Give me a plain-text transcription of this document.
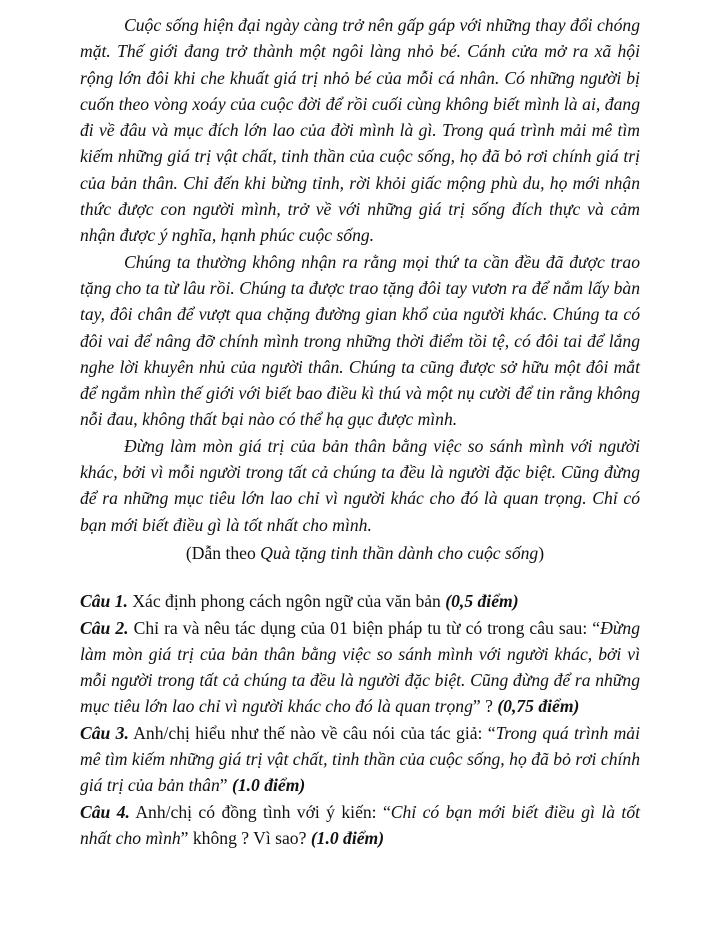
Cuộc sống hiện đại ngày càng trở nên gấp gáp với những thay đổi chóng mặt. Thế giới đang trở thành một ngôi làng nhỏ bé. Cánh cửa mở ra xã hội rộng lớn đôi khi che khuất giá trị nhỏ bé của mỗi cá nhân. Có những người bị cuốn theo vòng xoáy của cuộc đời để rồi cuối cùng không biết mình là ai, đang đi về đâu và mục đích lớn lao của đời mình là gì. Trong quá trình mải mê tìm kiếm những giá trị vật chất, tinh thần của cuộc sống, họ đã bỏ rơi chính giá trị của bản thân. Chỉ đến khi bừng tỉnh, rời khỏi giấc mộng phù du, họ mới nhận thức được con người mình, trở về với những giá trị sống đích thực và cảm nhận được ý nghĩa, hạnh phúc cuộc sống.

Chúng ta thường không nhận ra rằng mọi thứ ta cần đều đã được trao tặng cho ta từ lâu rồi. Chúng ta được trao tặng đôi tay vươn ra để nắm lấy bàn tay, đôi chân để vượt qua chặng đường gian khổ của người khác. Chúng ta có đôi vai để nâng đỡ chính mình trong những thời điểm tồi tệ, có đôi tai để lắng nghe lời khuyên nhủ của người thân. Chúng ta cũng được sở hữu một đôi mắt để ngắm nhìn thế giới với biết bao điều kì thú và một nụ cười để tin rằng không nỗi đau, không thất bại nào có thể hạ gục được mình.

Đừng làm mòn giá trị của bản thân bằng việc so sánh mình với người khác, bởi vì mỗi người trong tất cả chúng ta đều là người đặc biệt. Cũng đừng để ra những mục tiêu lớn lao chỉ vì người khác cho đó là quan trọng. Chỉ có bạn mới biết điều gì là tốt nhất cho mình.

(Dẫn theo Quà tặng tinh thần dành cho cuộc sống)

Câu 1. Xác định phong cách ngôn ngữ của văn bản (0,5 điểm)

Câu 2. Chỉ ra và nêu tác dụng của 01 biện pháp tu từ có trong câu sau: “Đừng làm mòn giá trị của bản thân bằng việc so sánh mình với người khác, bởi vì mỗi người trong tất cả chúng ta đều là người đặc biệt. Cũng đừng để ra những mục tiêu lớn lao chỉ vì người khác cho đó là quan trọng” ? (0,75 điểm)

Câu 3. Anh/chị hiểu như thế nào về câu nói của tác giả: “Trong quá trình mải mê tìm kiếm những giá trị vật chất, tinh thần của cuộc sống, họ đã bỏ rơi chính giá trị của bản thân” (1.0 điểm)

Câu 4. Anh/chị có đồng tình với ý kiến: “Chỉ có bạn mới biết điều gì là tốt nhất cho mình” không ? Vì sao? (1.0 điểm)
